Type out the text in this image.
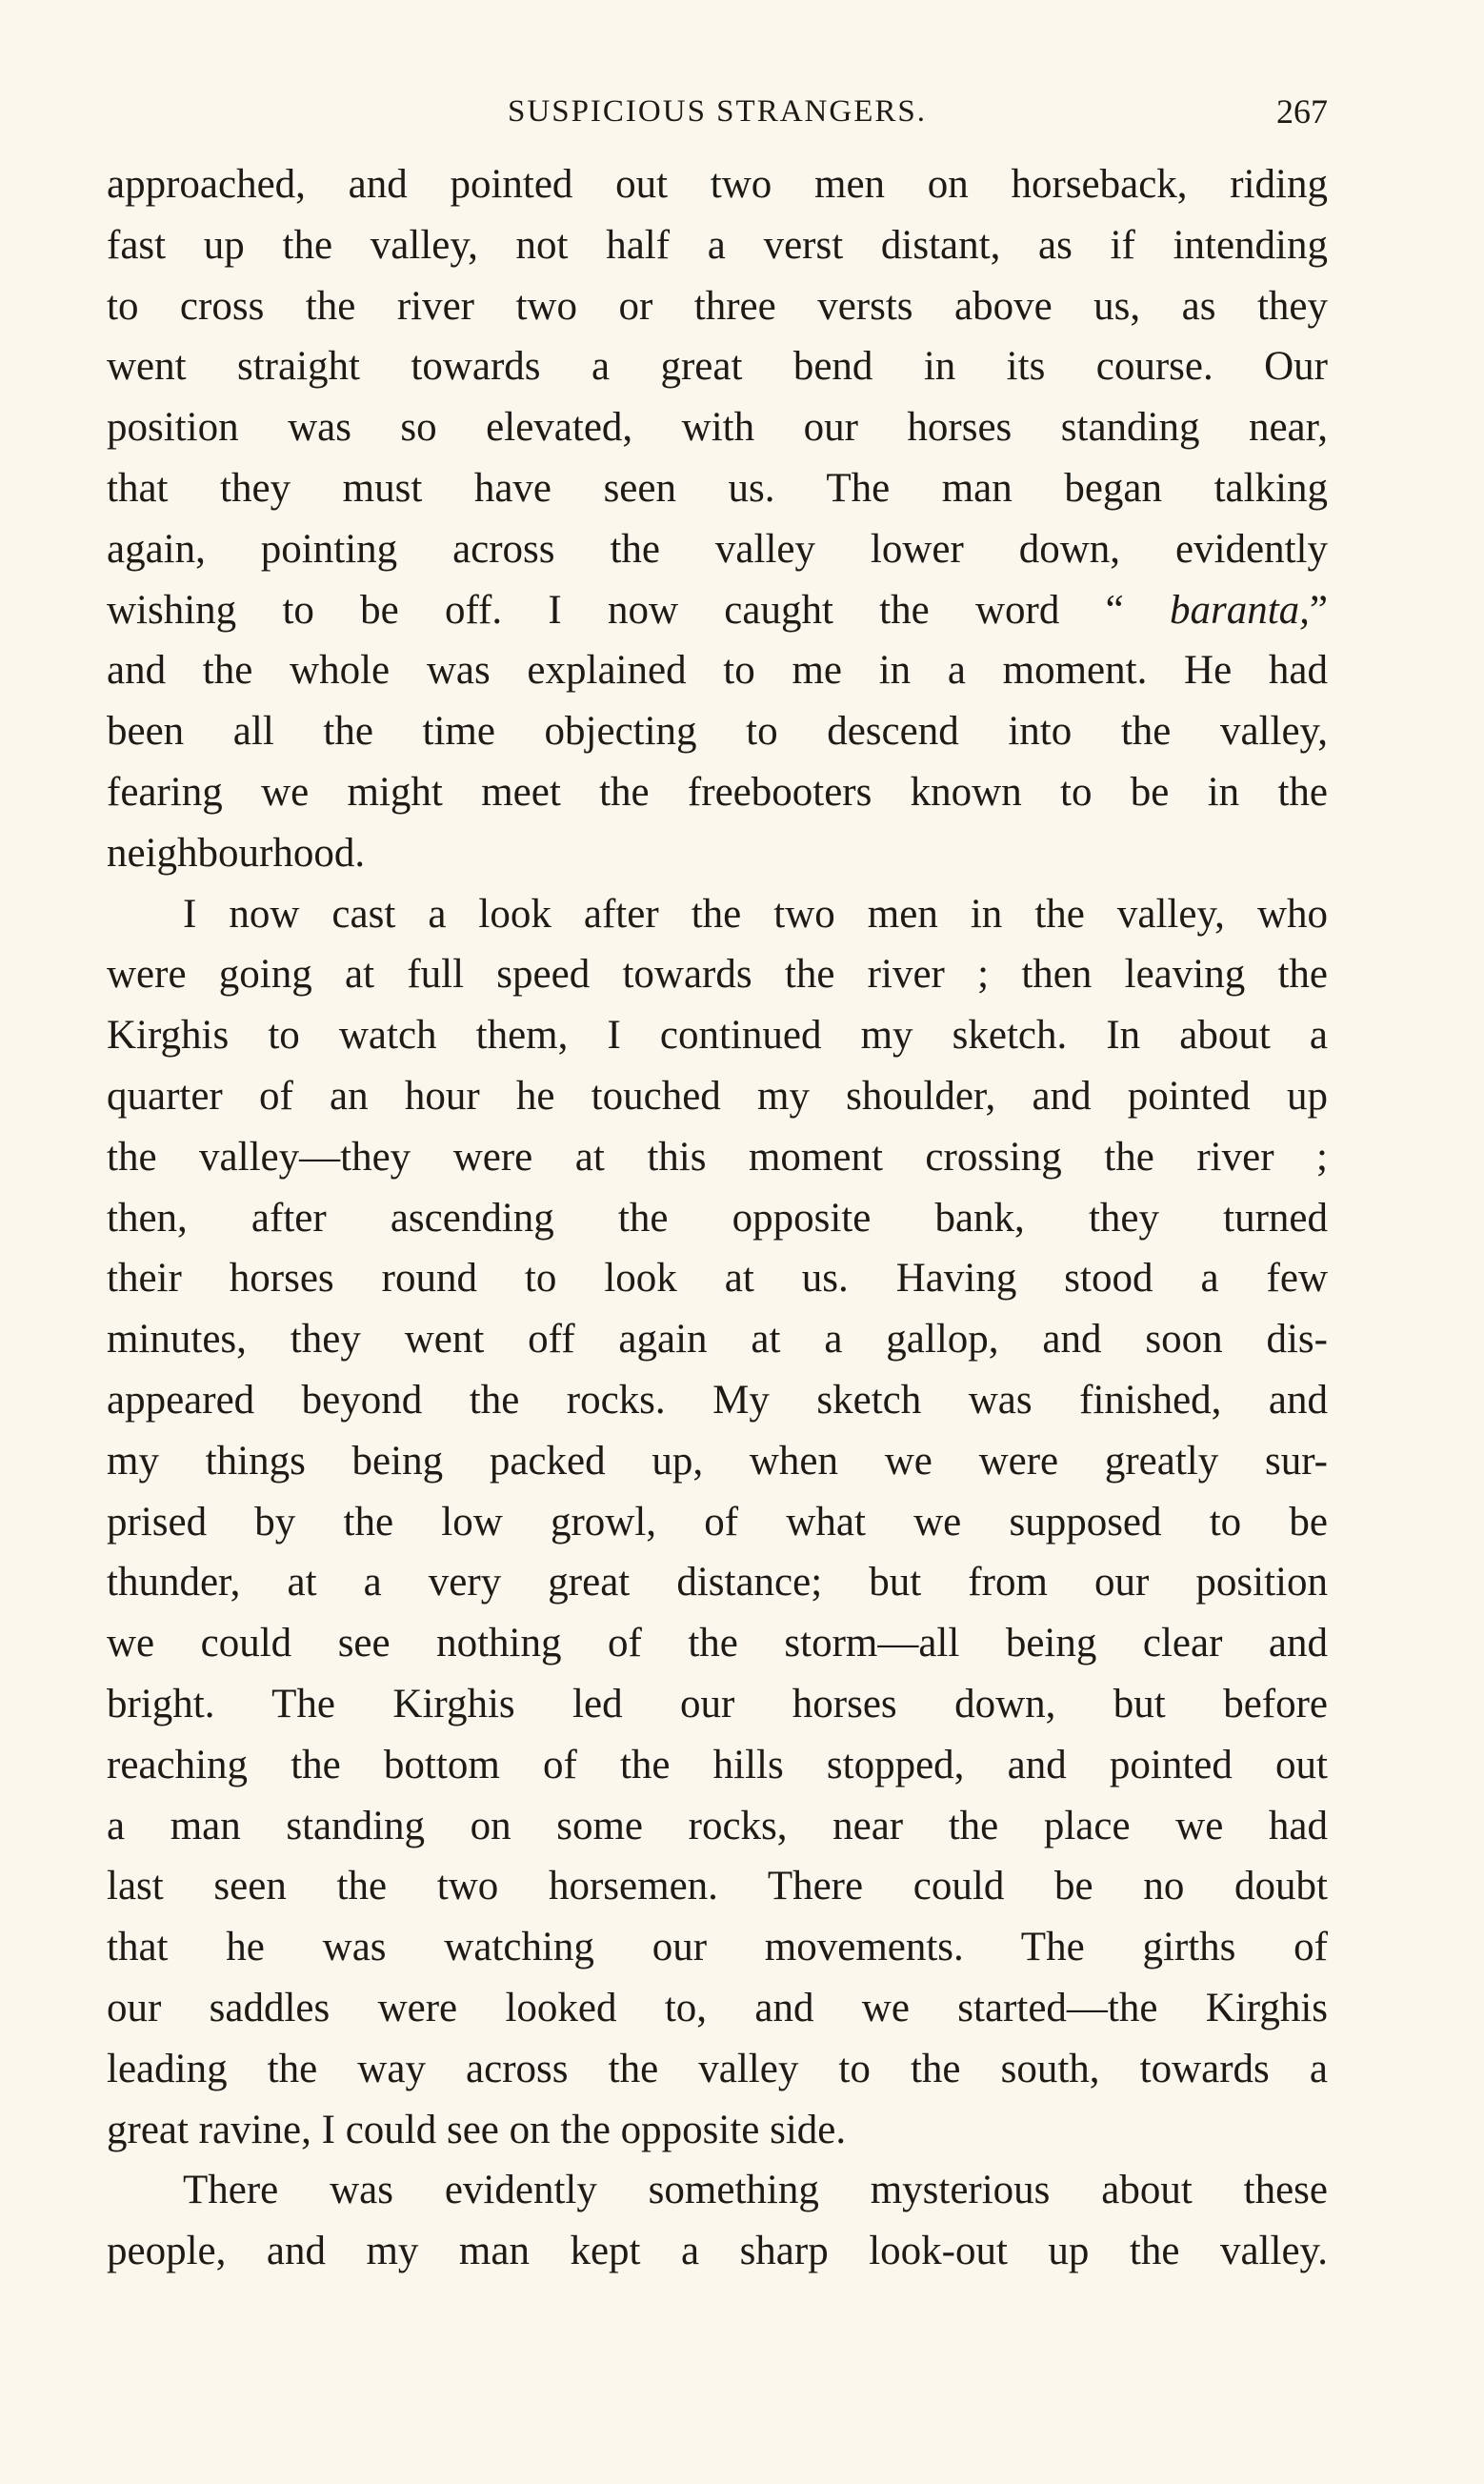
SUSPICIOUS STRANGERS.	267
approached, and pointed out two men on horseback, riding
fast up the valley, not half a verst distant, as if intending
to cross the river two or three versts above us, as they
went straight towards a great bend in its course. Our
position was so elevated, with our horses standing near,
that they must have seen us. The man began talking
again, pointing across the valley lower down, evidently
wishing to be off. I now caught the word “ baranta,”
and the whole was explained to me in a moment. He had
been all the time objecting to descend into the valley,
fearing we might meet the freebooters known to be in the
neighbourhood.
I now cast a look after the two men in the valley, who
were going at full speed towards the river ; then leaving the
Kirghis to watch them, I continued my sketch. In about a
quarter of an hour he touched my shoulder, and pointed up
the valley—they were at this moment crossing the river ;
then, after ascending the opposite bank, they turned
their horses round to look at us. Having stood a few
minutes, they went off again at a gallop, and soon dis-
appeared beyond the rocks. My sketch was finished, and
my things being packed up, when we were greatly sur-
prised by the low growl, of what we supposed to be
thunder, at a very great distance; but from our position
we could see nothing of the storm—all being clear and
bright. The Kirghis led our horses down, but before
reaching the bottom of the hills stopped, and pointed out
a man standing on some rocks, near the place we had
last seen the two horsemen. There could be no doubt
that he was watching our movements. The girths of
our saddles were looked to, and we started—the Kirghis
leading the way across the valley to the south, towards a
great ravine, I could see on the opposite side.
There was evidently something mysterious about these
people, and my man kept a sharp look-out up the valley.
